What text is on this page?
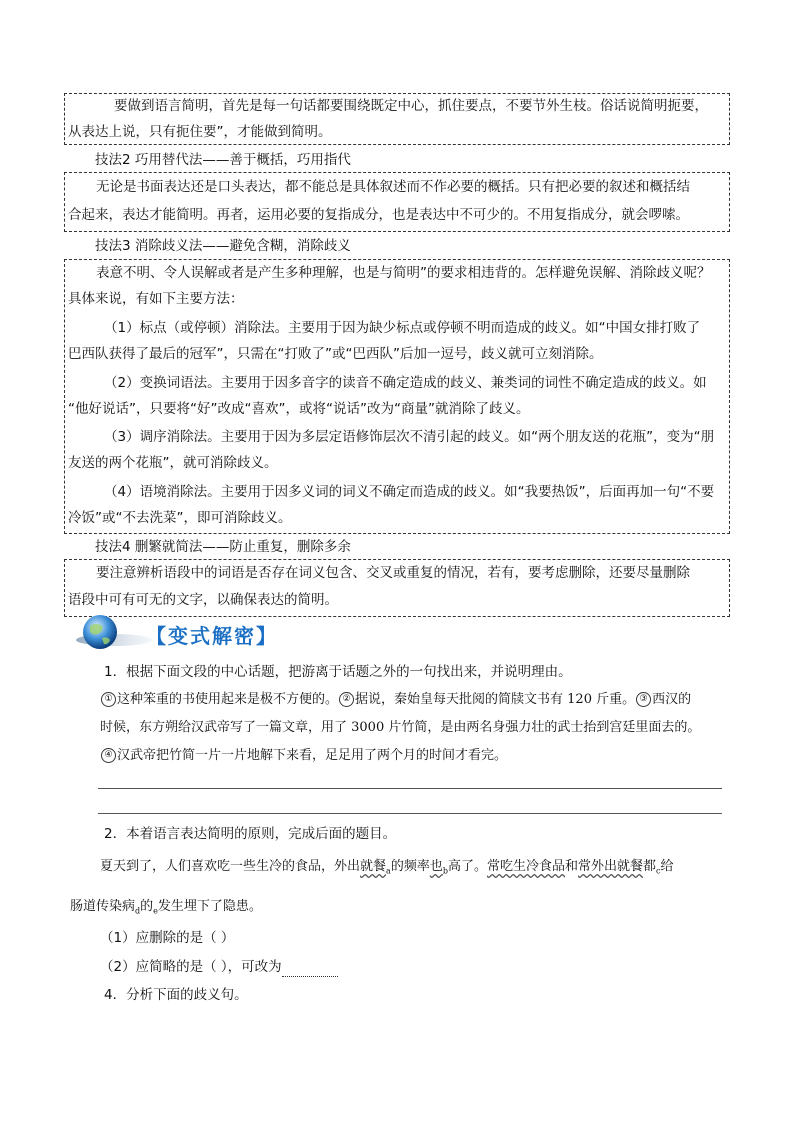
要做到语言简明，首先是每一句话都要围绕既定中心，抓住要点，不要节外生枝。俗话说简明扼要，
从表达上说，只有扼住要”，才能做到简明。
技法2 巧用替代法——善于概括，巧用指代
无论是书面表达还是口头表达，都不能总是具体叙述而不作必要的概括。只有把必要的叙述和概括结
合起来，表达才能简明。再者，运用必要的复指成分，也是表达中不可少的。不用复指成分，就会啰嗦。
技法3 消除歧义法——避免含糊，消除歧义
表意不明、令人误解或者是产生多种理解，也是与简明”的要求相违背的。怎样避免误解、消除歧义呢？
具体来说，有如下主要方法：
（1）标点（或停顿）消除法。主要用于因为缺少标点或停顿不明而造成的歧义。如“中国女排打败了
巴西队获得了最后的冠军”，只需在“打败了”或“巴西队”后加一逗号，歧义就可立刻消除。
（2）变换词语法。主要用于因多音字的读音不确定造成的歧义、兼类词的词性不确定造成的歧义。如
“他好说话”，只要将“好”改成“喜欢”，或将“说话”改为“商量”就消除了歧义。
（3）调序消除法。主要用于因为多层定语修饰层次不清引起的歧义。如“两个朋友送的花瓶”，变为“朋
友送的两个花瓶”，就可消除歧义。
（4）语境消除法。主要用于因多义词的词义不确定而造成的歧义。如“我要热饭”，后面再加一句“不要
冷饭”或“不去洗菜”，即可消除歧义。
技法4 删繁就简法——防止重复，删除多余
要注意辨析语段中的词语是否存在词义包含、交叉或重复的情况，若有，要考虑删除，还要尽量删除
语段中可有可无的文字，以确保表达的简明。
【变式解密】
1．根据下面文段的中心话题，把游离于话题之外的一句找出来，并说明理由。
① 这种笨重的书使用起来是极不方便的。 ② 据说，秦始皇每天批阅的简牍文书有 120 斤重。 ③ 西汉的
时候，东方朔给汉武帝写了一篇文章，用了 3000 片竹简，是由两名身强力壮的武士抬到宫廷里面去的。
④ 汉武帝把竹简一片一片地解下来看，足足用了两个月的时间才看完。
2．本着语言表达简明的原则，完成后面的题目。
夏天到了，人们喜欢吃一些生冷的食品，外出就餐$_a$的频率也$_b$高了。常吃生冷食品和常外出就餐都$_c$给
肠道传染病$_d$的$_e$发生埋下了隐患。
（1）应删除的是（ ）
（2）应简略的是（ ），可改为
4．分析下面的歧义句。
